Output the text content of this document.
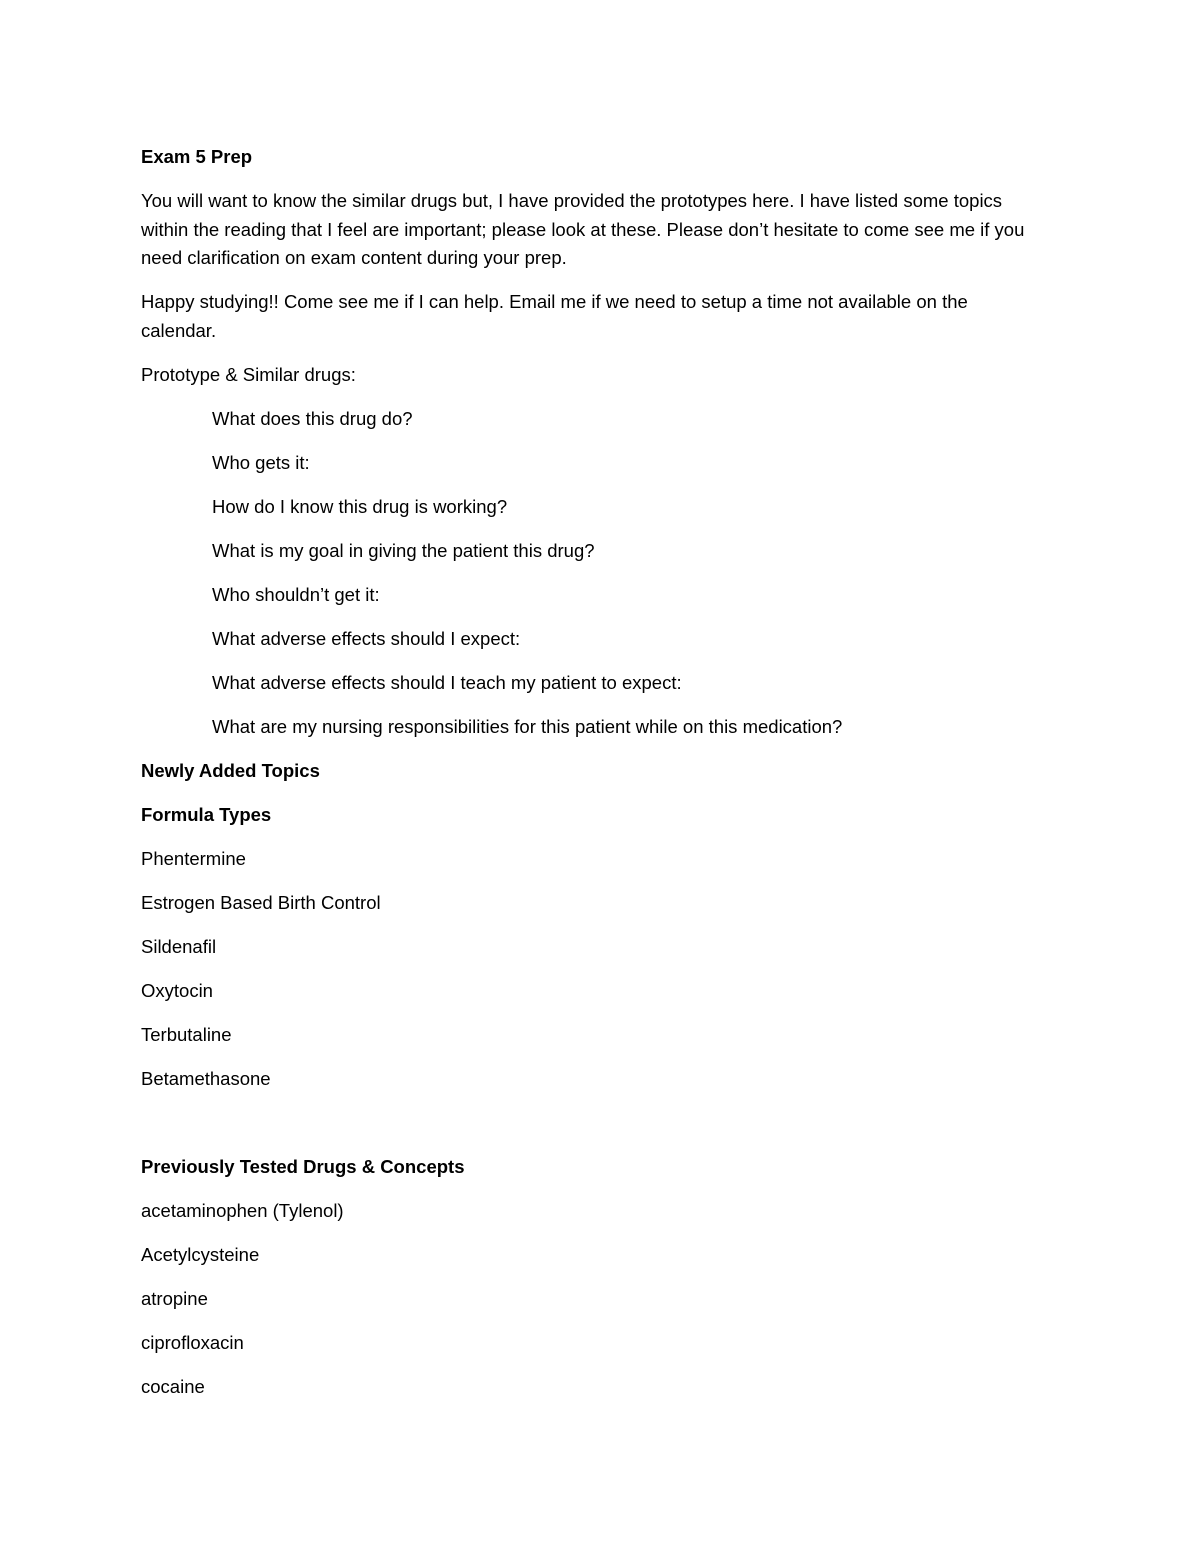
Exam 5 Prep

You will want to know the similar drugs but, I have provided the prototypes here. I have listed some topics within the reading that I feel are important; please look at these. Please don’t hesitate to come see me if you need clarification on exam content during your prep.

Happy studying!! Come see me if I can help. Email me if we need to setup a time not available on the calendar.

Prototype & Similar drugs:

What does this drug do?

Who gets it:

How do I know this drug is working?

What is my goal in giving the patient this drug?

Who shouldn’t get it:

What adverse effects should I expect:

What adverse effects should I teach my patient to expect:

What are my nursing responsibilities for this patient while on this medication?

Newly Added Topics

Formula Types

Phentermine

Estrogen Based Birth Control

Sildenafil

Oxytocin

Terbutaline

Betamethasone

Previously Tested Drugs & Concepts

acetaminophen (Tylenol)

Acetylcysteine

atropine

ciprofloxacin

cocaine
